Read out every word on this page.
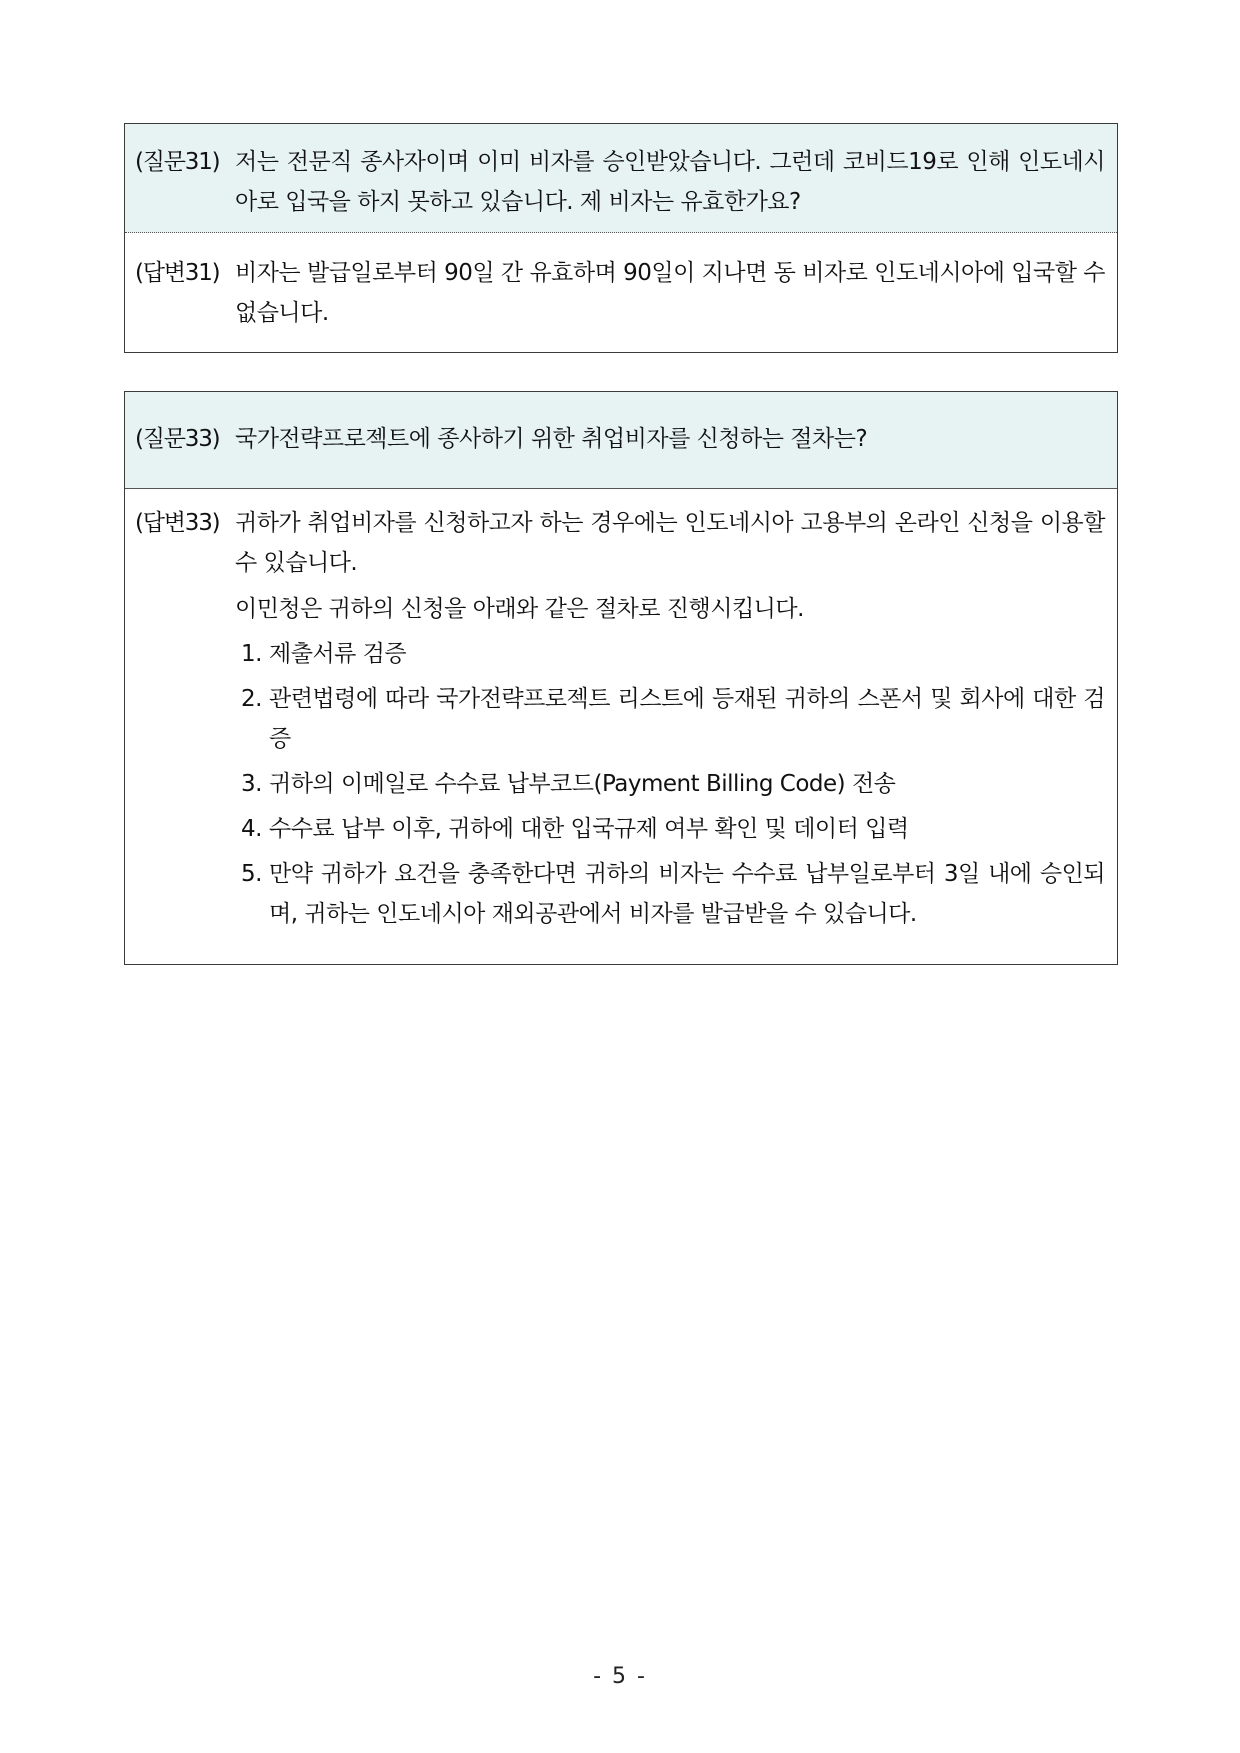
(질문31) 저는 전문직 종사자이며 이미 비자를 승인받았습니다. 그런데 코비드19로 인해 인도네시아로 입국을 하지 못하고 있습니다. 제 비자는 유효한가요?
(답변31) 비자는 발급일로부터 90일 간 유효하며 90일이 지나면 동 비자로 인도네시아에 입국할 수 없습니다.
(질문33) 국가전략프로젝트에 종사하기 위한 취업비자를 신청하는 절차는?
(답변33) 귀하가 취업비자를 신청하고자 하는 경우에는 인도네시아 고용부의 온라인 신청을 이용할 수 있습니다.
이민청은 귀하의 신청을 아래와 같은 절차로 진행시킵니다.
1. 제출서류 검증
2. 관련법령에 따라 국가전략프로젝트 리스트에 등재된 귀하의 스폰서 및 회사에 대한 검증
3. 귀하의 이메일로 수수료 납부코드(Payment Billing Code) 전송
4. 수수료 납부 이후, 귀하에 대한 입국규제 여부 확인 및 데이터 입력
5. 만약 귀하가 요건을 충족한다면 귀하의 비자는 수수료 납부일로부터 3일 내에 승인되며, 귀하는 인도네시아 재외공관에서 비자를 발급받을 수 있습니다.
- 5 -
